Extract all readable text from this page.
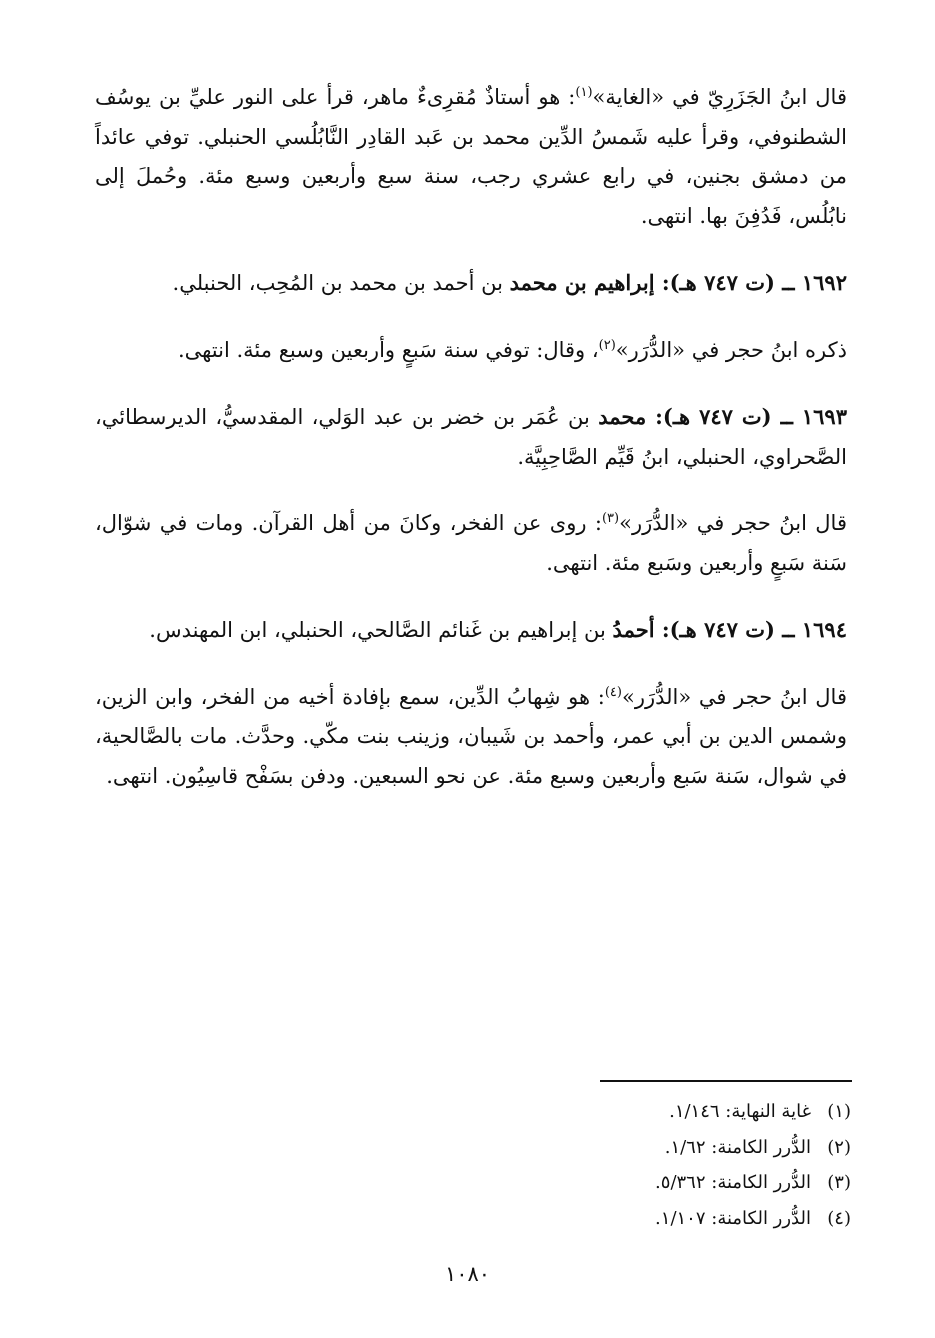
قال ابنُ الجَزَرِيّ في «الغاية»$^{(١)}$: هو أستاذٌ مُقرِىءٌ ماهر، قرأ على النور عليِّ بن يوسُف الشطنوفي، وقرأ عليه شَمسُ الدِّين محمد بن عَبد القادِر النَّابُلُسي الحنبلي. توفي عائداً من دمشق بجنين، في رابع عشري رجب، سنة سبع وأربعين وسبع مئة. وحُملَ إلى نابُلُس، فَدُفِنَ بها. انتهى.

١٦٩٢ ــ (ت ٧٤٧ هـ): إبراهيم بن محمد بن أحمد بن محمد بن المُحِب، الحنبلي.

ذكره ابنُ حجر في «الدُّرَر»$^{(٢)}$، وقال: توفي سنة سَبعٍ وأربعين وسبع مئة. انتهى.

١٦٩٣ ــ (ت ٧٤٧ هـ): محمد بن عُمَر بن خضر بن عبد الوَلي، المقدسيُّ، الديرسطائي، الصَّحراوي، الحنبلي، ابنُ قَيِّم الصَّاحِبِيَّة.

قال ابنُ حجر في «الدُّرَر»$^{(٣)}$: روى عن الفخر، وكانَ من أهل القرآن. ومات في شوّال، سَنة سَبعٍ وأربعين وسَبع مئة. انتهى.

١٦٩٤ ــ (ت ٧٤٧ هـ): أحمدُ بن إبراهيم بن غَنائم الصَّالحي، الحنبلي، ابن المهندس.

قال ابنُ حجر في «الدُّرَر»$^{(٤)}$: هو شِهابُ الدِّين، سمع بإفادة أخيه من الفخر، وابن الزين، وشمس الدين بن أبي عمر، وأحمد بن شَيبان، وزينب بنت مكّي. وحدَّث. مات بالصَّالحية، في شوال، سَنة سَبع وأربعين وسبع مئة. عن نحو السبعين. ودفن بسَفْح قاسِيُون. انتهى.

(١)غاية النهاية: ١/١٤٦.

(٢)الدُّرر الكامنة: ١/٦٢.

(٣)الدُّرر الكامنة: ٥/٣٦٢.

(٤)الدُّرر الكامنة: ١/١٠٧.

١٠٨٠
